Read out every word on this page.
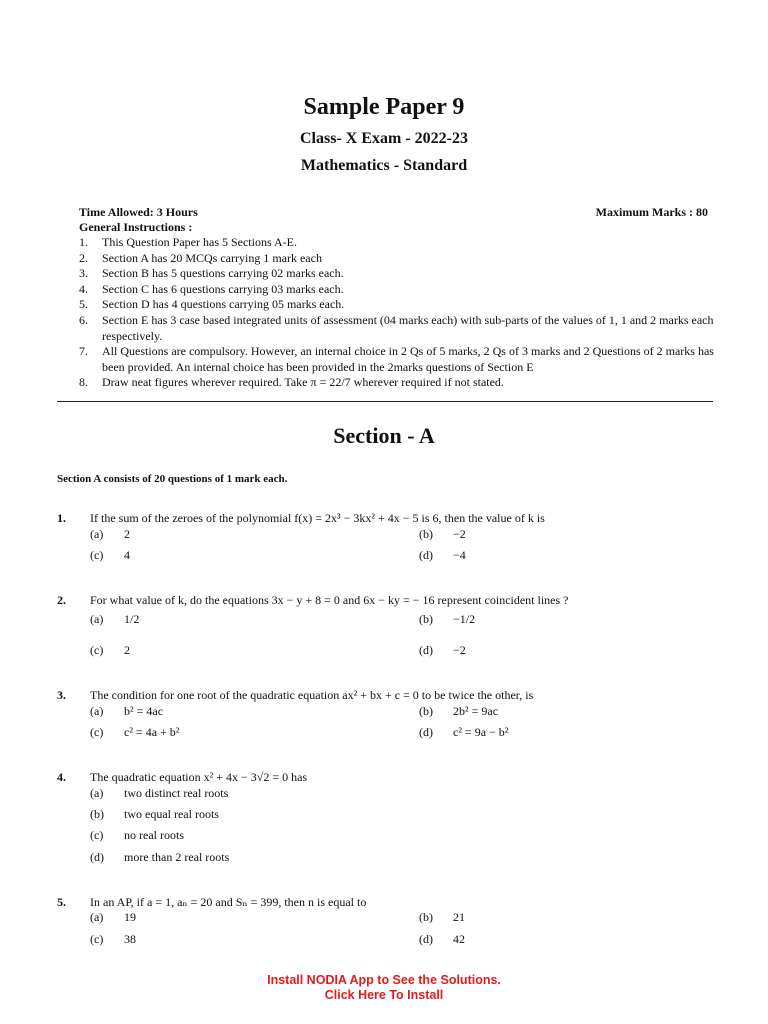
Sample Paper 9
Class- X Exam - 2022-23
Mathematics - Standard
Time Allowed: 3 Hours	Maximum Marks : 80
General Instructions :
1.	This Question Paper has 5 Sections A-E.
2.	Section A has 20 MCQs carrying 1 mark each
3.	Section B has 5 questions carrying 02 marks each.
4.	Section C has 6 questions carrying 03 marks each.
5.	Section D has 4 questions carrying 05 marks each.
6.	Section E has 3 case based integrated units of assessment (04 marks each) with sub-parts of the values of 1, 1 and 2 marks each respectively.
7.	All Questions are compulsory. However, an internal choice in 2 Qs of 5 marks, 2 Qs of 3 marks and 2 Questions of 2 marks has been provided. An internal choice has been provided in the 2marks questions of Section E
8.	Draw neat figures wherever required. Take π = 22/7 wherever required if not stated.
Section - A
Section A consists of 20 questions of 1 mark each.
1. If the sum of the zeroes of the polynomial f(x) = 2x³ − 3kx² + 4x − 5 is 6, then the value of k is
(a) 2	(b) −2
(c) 4	(d) −4
2. For what value of k, do the equations 3x − y + 8 = 0 and 6x − ky = − 16 represent coincident lines ?
(a) 1/2	(b) −1/2
(c) 2	(d) −2
3. The condition for one root of the quadratic equation ax² + bx + c = 0 to be twice the other, is
(a) b² = 4ac	(b) 2b² = 9ac
(c) c² = 4a + b²	(d) c² = 9a − b²
4. The quadratic equation x² + 4x − 3√2 = 0 has
(a) two distinct real roots
(b) two equal real roots
(c) no real roots
(d) more than 2 real roots
5. In an AP, if a = 1, aₙ = 20 and Sₙ = 399, then n is equal to
(a) 19	(b) 21
(c) 38	(d) 42
Install NODIA App to See the Solutions.
Click Here To Install
